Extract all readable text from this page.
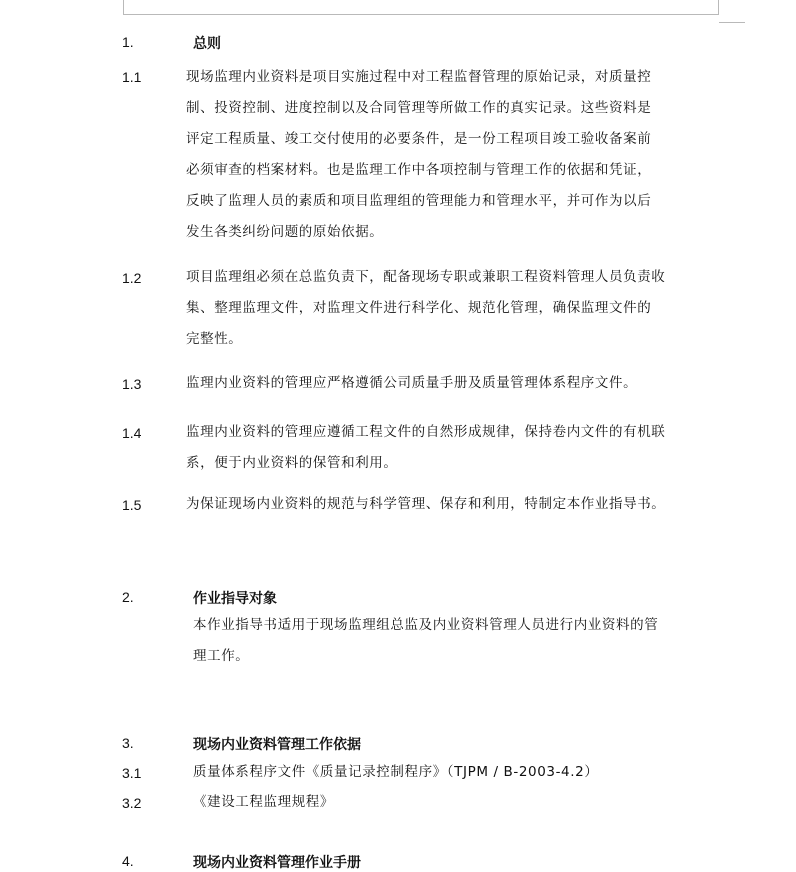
1.	总则
1.1	现场监理内业资料是项目实施过程中对工程监督管理的原始记录，对质量控
制、投资控制、进度控制以及合同管理等所做工作的真实记录。这些资料是
评定工程质量、竣工交付使用的必要条件，是一份工程项目竣工验收备案前
必须审查的档案材料。也是监理工作中各项控制与管理工作的依据和凭证，
反映了监理人员的素质和项目监理组的管理能力和管理水平，并可作为以后
发生各类纠纷问题的原始依据。
1.2	项目监理组必须在总监负责下，配备现场专职或兼职工程资料管理人员负责收
集、整理监理文件，对监理文件进行科学化、规范化管理，确保监理文件的
完整性。
1.3	监理内业资料的管理应严格遵循公司质量手册及质量管理体系程序文件。
1.4	监理内业资料的管理应遵循工程文件的自然形成规律，保持卷内文件的有机联
系，便于内业资料的保管和利用。
1.5	为保证现场内业资料的规范与科学管理、保存和利用，特制定本作业指导书。
2.	作业指导对象
本作业指导书适用于现场监理组总监及内业资料管理人员进行内业资料的管
理工作。
3.	现场内业资料管理工作依据
3.1	质量体系程序文件《质量记录控制程序》（TJPM / B-2003-4.2）
3.2	《建设工程监理规程》
4.	现场内业资料管理作业手册
